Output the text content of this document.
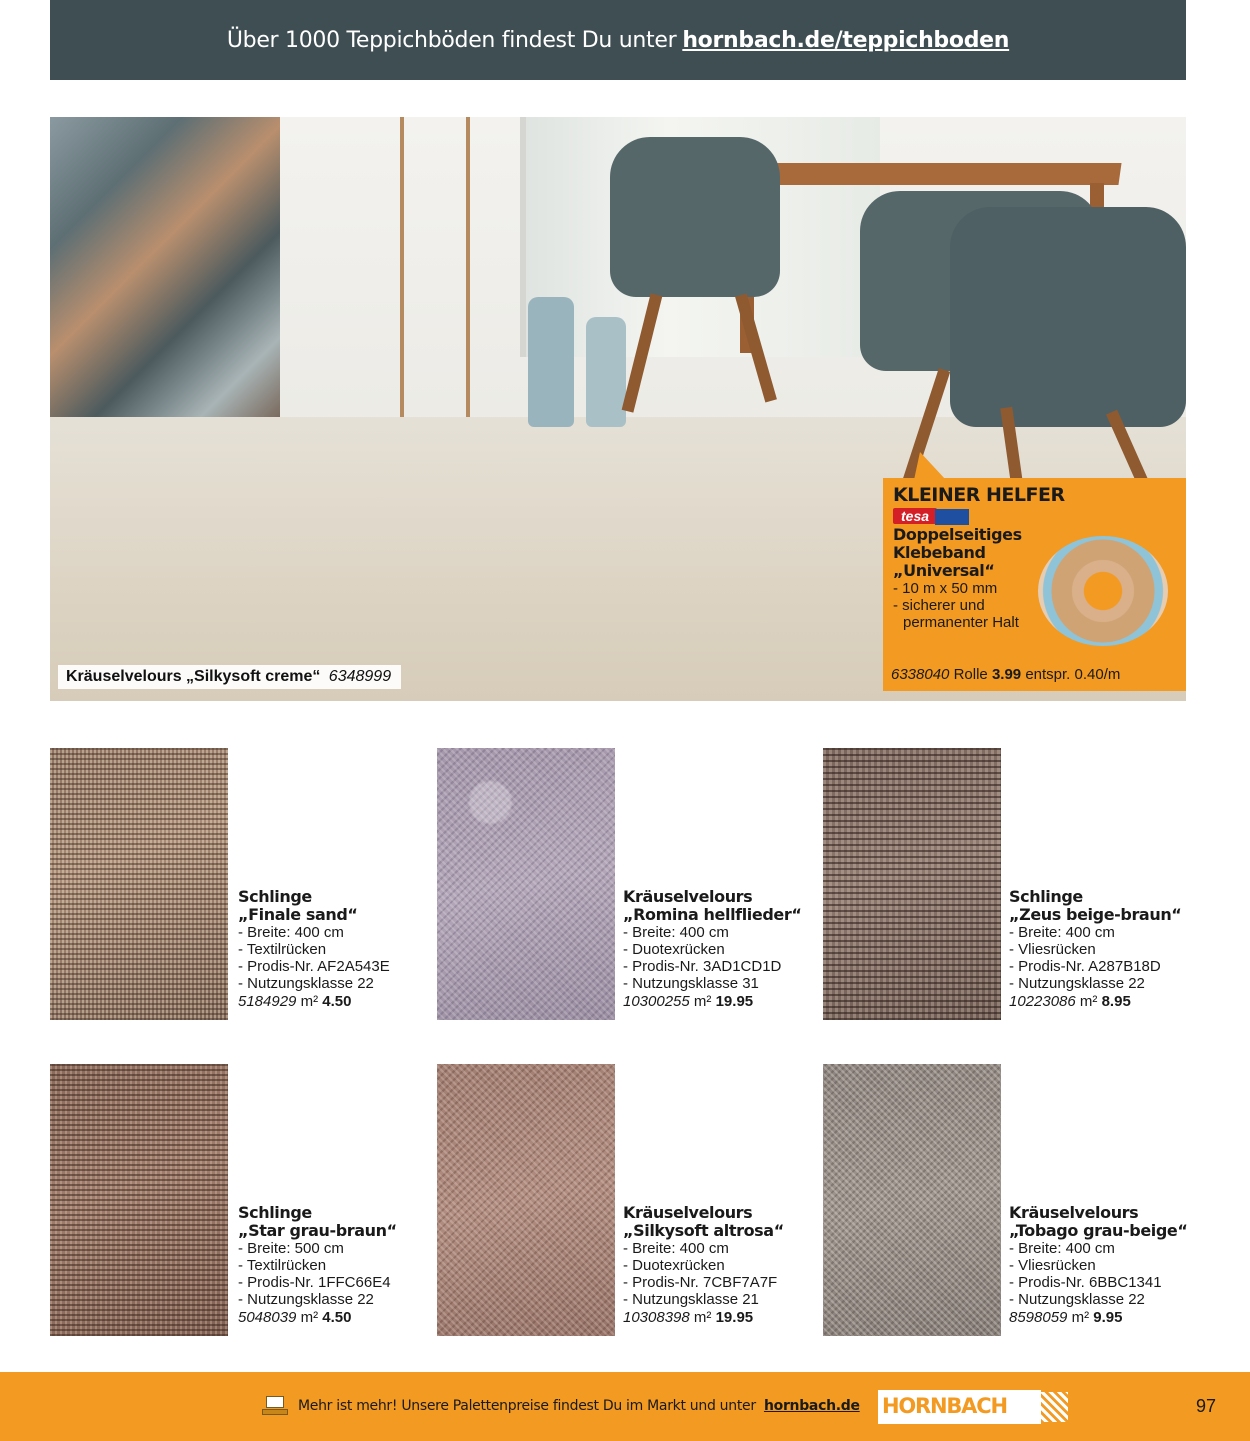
Über 1000 Teppichböden findest Du unter hornbach.de/teppichboden
Kräuselvelours „Silkysoft creme“ 6348999
KLEINER HELFER
tesa
Doppelseitiges
Klebeband
„Universal“
- 10 m x 50 mm
- sicherer und
permanenter Halt
6338040 Rolle 3.99 entspr. 0.40/m
Schlinge
„Finale sand“
- Breite: 400 cm
- Textilrücken
- Prodis-Nr. AF2A543E
- Nutzungsklasse 22
5184929 m² 4.50
Kräuselvelours
„Romina hellflieder“
- Breite: 400 cm
- Duotexrücken
- Prodis-Nr. 3AD1CD1D
- Nutzungsklasse 31
10300255 m² 19.95
Schlinge
„Zeus beige-braun“
- Breite: 400 cm
- Vliesrücken
- Prodis-Nr. A287B18D
- Nutzungsklasse 22
10223086 m² 8.95
Schlinge
„Star grau-braun“
- Breite: 500 cm
- Textilrücken
- Prodis-Nr. 1FFC66E4
- Nutzungsklasse 22
5048039 m² 4.50
Kräuselvelours
„Silkysoft altrosa“
- Breite: 400 cm
- Duotexrücken
- Prodis-Nr. 7CBF7A7F
- Nutzungsklasse 21
10308398 m² 19.95
Kräuselvelours
„Tobago grau-beige“
- Breite: 400 cm
- Vliesrücken
- Prodis-Nr. 6BBC1341
- Nutzungsklasse 22
8598059 m² 9.95
Mehr ist mehr! Unsere Palettenpreise findest Du im Markt und unter hornbach.de HORNBACH	97
